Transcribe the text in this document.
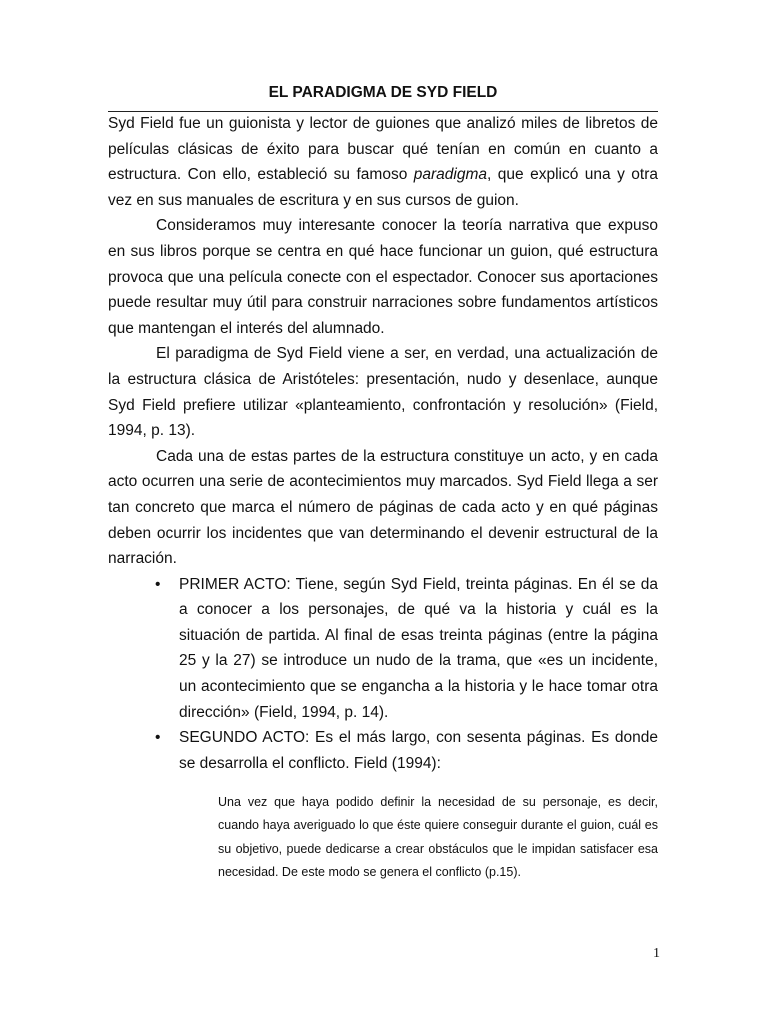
EL PARADIGMA DE SYD FIELD

Syd Field fue un guionista y lector de guiones que analizó miles de libretos de películas clásicas de éxito para buscar qué tenían en común en cuanto a estructura. Con ello, estableció su famoso paradigma, que explicó una y otra vez en sus manuales de escritura y en sus cursos de guion.

Consideramos muy interesante conocer la teoría narrativa que expuso en sus libros porque se centra en qué hace funcionar un guion, qué estructura provoca que una película conecte con el espectador. Conocer sus aportaciones puede resultar muy útil para construir narraciones sobre fundamentos artísticos que mantengan el interés del alumnado.

El paradigma de Syd Field viene a ser, en verdad, una actualización de la estructura clásica de Aristóteles: presentación, nudo y desenlace, aunque Syd Field prefiere utilizar «planteamiento, confrontación y resolución» (Field, 1994, p. 13).

Cada una de estas partes de la estructura constituye un acto, y en cada acto ocurren una serie de acontecimientos muy marcados. Syd Field llega a ser tan concreto que marca el número de páginas de cada acto y en qué páginas deben ocurrir los incidentes que van determinando el devenir estructural de la narración.

• PRIMER ACTO: Tiene, según Syd Field, treinta páginas. En él se da a conocer a los personajes, de qué va la historia y cuál es la situación de partida. Al final de esas treinta páginas (entre la página 25 y la 27) se introduce un nudo de la trama, que «es un incidente, un acontecimiento que se engancha a la historia y le hace tomar otra dirección» (Field, 1994, p. 14).
• SEGUNDO ACTO: Es el más largo, con sesenta páginas. Es donde se desarrolla el conflicto. Field (1994):
Una vez que haya podido definir la necesidad de su personaje, es decir, cuando haya averiguado lo que éste quiere conseguir durante el guion, cuál es su objetivo, puede dedicarse a crear obstáculos que le impidan satisfacer esa necesidad. De este modo se genera el conflicto (p.15).
1
